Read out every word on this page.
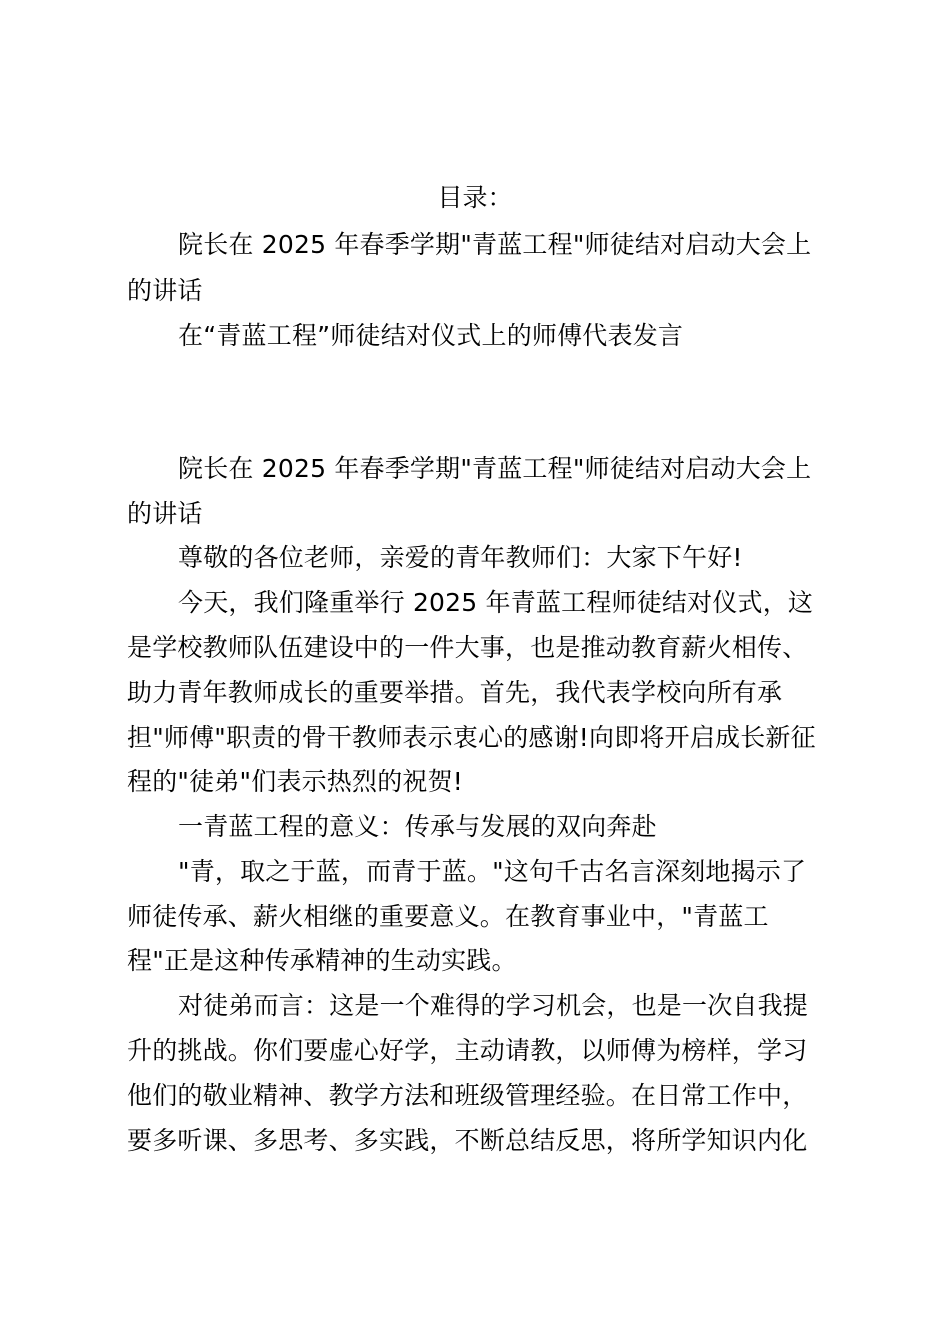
目录：
院长在 2025 年春季学期"青蓝工程"师徒结对启动大会上
的讲话
在“青蓝工程”师徒结对仪式上的师傅代表发言
院长在 2025 年春季学期"青蓝工程"师徒结对启动大会上
的讲话
尊敬的各位老师，亲爱的青年教师们：大家下午好!
今天，我们隆重举行 2025 年青蓝工程师徒结对仪式，这
是学校教师队伍建设中的一件大事，也是推动教育薪火相传、
助力青年教师成长的重要举措。首先，我代表学校向所有承
担"师傅"职责的骨干教师表示衷心的感谢!向即将开启成长新征
程的"徒弟"们表示热烈的祝贺!
一青蓝工程的意义：传承与发展的双向奔赴
"青，取之于蓝，而青于蓝。"这句千古名言深刻地揭示了
师徒传承、薪火相继的重要意义。在教育事业中，"青蓝工
程"正是这种传承精神的生动实践。
对徒弟而言：这是一个难得的学习机会，也是一次自我提
升的挑战。你们要虚心好学，主动请教，以师傅为榜样，学习
他们的敬业精神、教学方法和班级管理经验。在日常工作中，
要多听课、多思考、多实践，不断总结反思，将所学知识内化
